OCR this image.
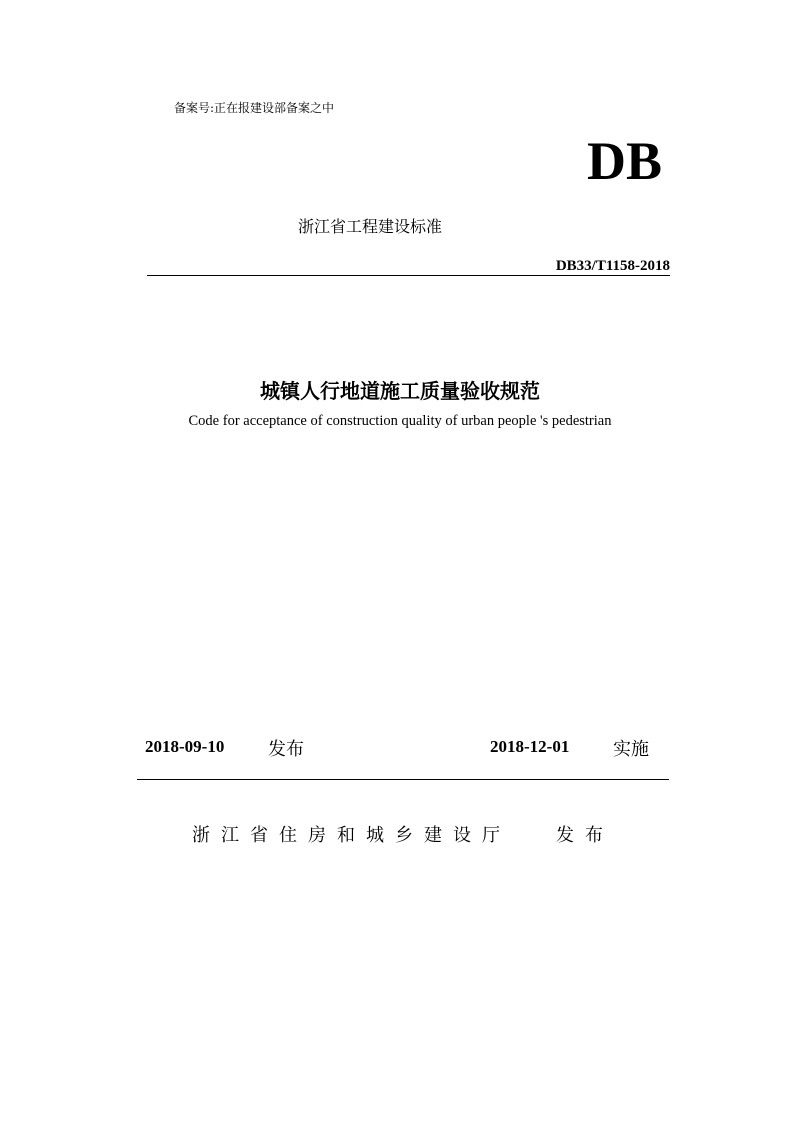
备案号:正在报建设部备案之中
DB
浙江省工程建设标准
DB33/T1158-2018
城镇人行地道施工质量验收规范
Code for acceptance of construction quality of urban people 's pedestrian
2018-09-10 发布	2018-12-01 实施
浙江省住房和城乡建设厅	发布
